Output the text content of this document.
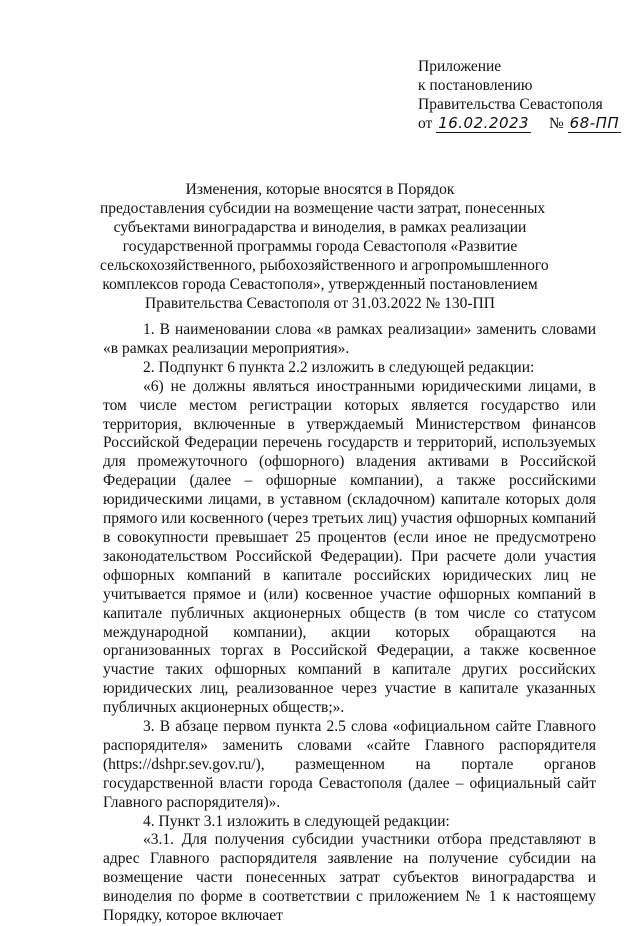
Приложение
к постановлению
Правительства Севастополя
от 16.02.2023 № 68-ПП
Изменения, которые вносятся в Порядок
предоставления субсидии на возмещение части затрат, понесенных
субъектами виноградарства и виноделия, в рамках реализации
государственной программы города Севастополя «Развитие
сельскохозяйственного, рыбохозяйственного и агропромышленного
комплексов города Севастополя», утвержденный постановлением
Правительства Севастополя от 31.03.2022 № 130-ПП

1. В наименовании слова «в рамках реализации» заменить словами «в рамках реализации мероприятия».

2. Подпункт 6 пункта 2.2 изложить в следующей редакции:

«6) не должны являться иностранными юридическими лицами, в том числе местом регистрации которых является государство или территория, включенные в утверждаемый Министерством финансов Российской Федерации перечень государств и территорий, используемых для промежуточного (офшорного) владения активами в Российской Федерации (далее – офшорные компании), а также российскими юридическими лицами, в уставном (складочном) капитале которых доля прямого или косвенного (через третьих лиц) участия офшорных компаний в совокупности превышает 25 процентов (если иное не предусмотрено законодательством Российской Федерации). При расчете доли участия офшорных компаний в капитале российских юридических лиц не учитывается прямое и (или) косвенное участие офшорных компаний в капитале публичных акционерных обществ (в том числе со статусом международной компании), акции которых обращаются на организованных торгах в Российской Федерации, а также косвенное участие таких офшорных компаний в капитале других российских юридических лиц, реализованное через участие в капитале указанных публичных акционерных обществ;».

3. В абзаце первом пункта 2.5 слова «официальном сайте Главного распорядителя» заменить словами «сайте Главного распорядителя (https://dshpr.sev.gov.ru/), размещенном на портале органов государственной власти города Севастополя (далее – официальный сайт Главного распорядителя)».

4. Пункт 3.1 изложить в следующей редакции:

«3.1. Для получения субсидии участники отбора представляют в адрес Главного распорядителя заявление на получение субсидии на возмещение части понесенных затрат субъектов виноградарства и виноделия по форме в соответствии с приложением № 1 к настоящему Порядку, которое включает
